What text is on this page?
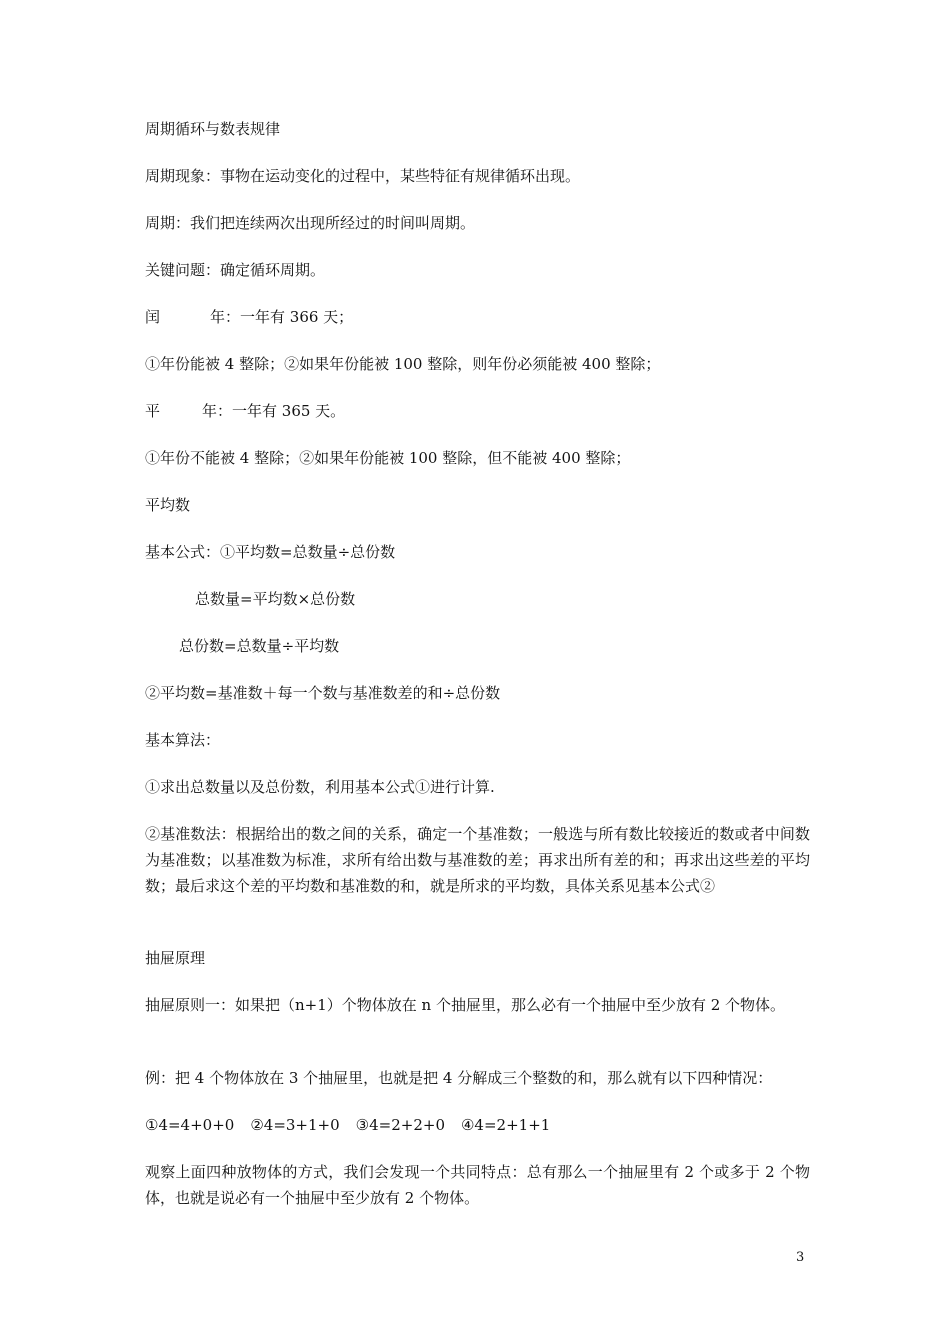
周期循环与数表规律
周期现象：事物在运动变化的过程中，某些特征有规律循环出现。
周期：我们把连续两次出现所经过的时间叫周期。
关键问题：确定循环周期。
闰	年：一年有 366 天；
①年份能被 4 整除；②如果年份能被 100 整除，则年份必须能被 400 整除；
平	年：一年有 365 天。
①年份不能被 4 整除；②如果年份能被 100 整除，但不能被 400 整除；
平均数
基本公式：①平均数=总数量÷总份数
总数量=平均数×总份数
总份数=总数量÷平均数
②平均数=基准数＋每一个数与基准数差的和÷总份数
基本算法：
①求出总数量以及总份数，利用基本公式①进行计算.
②基准数法：根据给出的数之间的关系，确定一个基准数；一般选与所有数比较接近的数或者中间数为基准数；以基准数为标准，求所有给出数与基准数的差；再求出所有差的和；再求出这些差的平均数；最后求这个差的平均数和基准数的和，就是所求的平均数，具体关系见基本公式②
抽屉原理
抽屉原则一：如果把（n+1）个物体放在 n 个抽屉里，那么必有一个抽屉中至少放有 2 个物体。
例：把 4 个物体放在 3 个抽屉里，也就是把 4 分解成三个整数的和，那么就有以下四种情况：
①4=4+0+0 ②4=3+1+0 ③4=2+2+0 ④4=2+1+1
观察上面四种放物体的方式，我们会发现一个共同特点：总有那么一个抽屉里有 2 个或多于 2 个物体，也就是说必有一个抽屉中至少放有 2 个物体。
3
